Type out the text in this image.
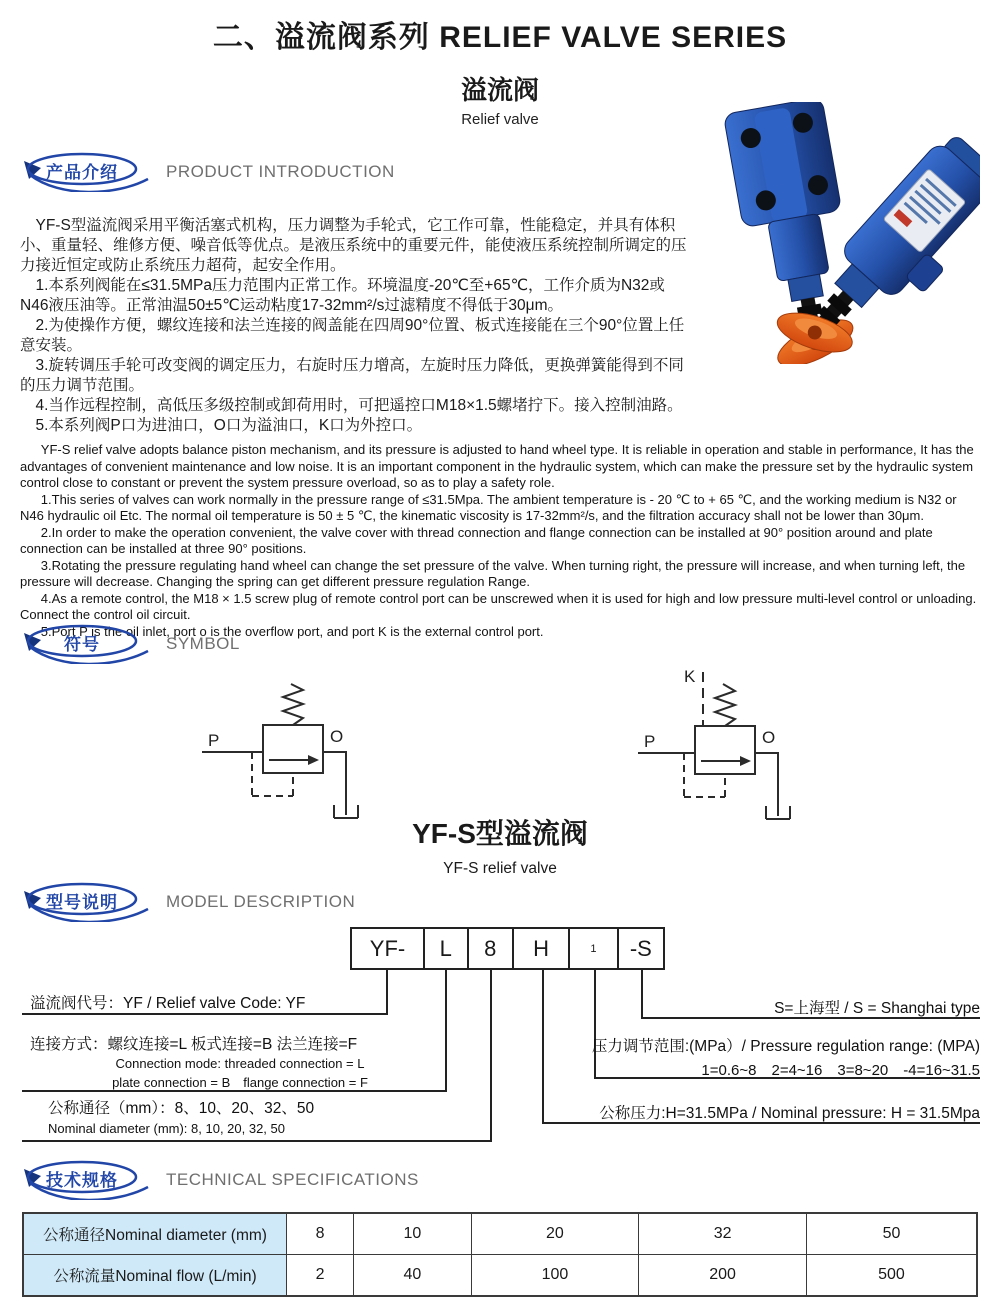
二、溢流阀系列 RELIEF VALVE SERIES
溢流阀
Relief valve
产品介绍	PRODUCT INTRODUCTION

YF-S型溢流阀采用平衡活塞式机构，压力调整为手轮式，它工作可靠，性能稳定，并具有体积小、重量轻、维修方便、噪音低等优点。是液压系统中的重要元件，能使液压系统控制所调定的压力接近恒定或防止系统压力超荷，起安全作用。

1.本系列阀能在≤31.5MPa压力范围内正常工作。环境温度-20℃至+65℃，工作介质为N32或N46液压油等。正常油温50±5℃运动粘度17-32mm²/s过滤精度不得低于30μm。

2.为使操作方便，螺纹连接和法兰连接的阀盖能在四周90°位置、板式连接能在三个90°位置上任意安装。

3.旋转调压手轮可改变阀的调定压力，右旋时压力增高，左旋时压力降低，更换弹簧能得到不同的压力调节范围。

4.当作远程控制，高低压多级控制或卸荷用时，可把遥控口M18×1.5螺堵拧下。接入控制油路。

5.本系列阀P口为进油口，O口为溢油口，K口为外控口。

YF-S relief valve adopts balance piston mechanism, and its pressure is adjusted to hand wheel type. It is reliable in operation and stable in performance, It has the advantages of convenient maintenance and low noise. It is an important component in the hydraulic system, which can make the pressure set by the hydraulic system control close to constant or prevent the system pressure overload, so as to play a safety role.

1.This series of valves can work normally in the pressure range of ≤31.5Mpa. The ambient temperature is - 20 ℃ to + 65 ℃, and the working medium is N32 or N46 hydraulic oil Etc. The normal oil temperature is 50 ± 5 ℃, the kinematic viscosity is 17-32mm²/s, and the filtration accuracy shall not be lower than 30μm.

2.In order to make the operation convenient, the valve cover with thread connection and flange connection can be installed at 90° position around and plate connection can be installed at three 90° positions.

3.Rotating the pressure regulating hand wheel can change the set pressure of the valve. When turning right, the pressure will increase, and when turning left, the pressure will decrease. Changing the spring can get different pressure regulation Range.

4.As a remote control, the M18 × 1.5 screw plug of remote control port can be unscrewed when it is used for high and low pressure multi-level control or unloading. Connect the control oil circuit.

5.Port P is the oil inlet, port o is the overflow port, and port K is the external control port.

符号	SYMBOL
P	O
K
P	O
YF-S型溢流阀
YF-S relief valve
型号说明	MODEL DESCRIPTION
YF-	L	8	H	1	-S
溢流阀代号：YF / Relief valve Code: YF

连接方式：螺纹连接=L 板式连接=B 法兰连接=F

Connection mode: threaded connection = L

plate connection = B　flange connection = F

公称通径（mm）：8、10、20、32、50

Nominal diameter (mm): 8, 10, 20, 32, 50

S=上海型 / S = Shanghai type

压力调节范围:(MPa）/ Pressure regulation range: (MPA)

1=0.6~8　2=4~16　3=8~20　-4=16~31.5

公称压力:H=31.5MPa / Nominal pressure: H = 31.5Mpa
技术规格	TECHNICAL SPECIFICATIONS
公称通径Nominal diameter (mm)	8	10	20	32	50
公称流量Nominal flow (L/min)	2	40	100	200	500
